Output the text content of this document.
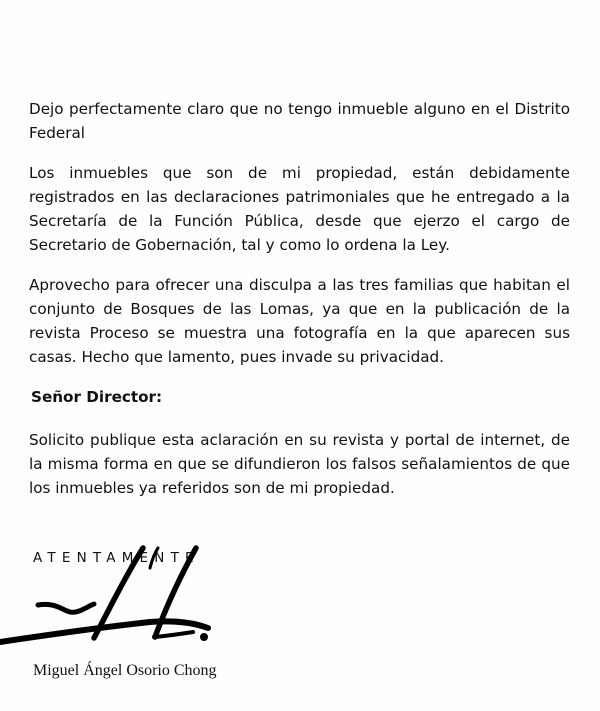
Dejo perfectamente claro que no tengo inmueble alguno en el Distrito Federal

Los inmuebles que son de mi propiedad, están debidamente registrados en las declaraciones patrimoniales que he entregado a la Secretaría de la Función Pública, desde que ejerzo el cargo de Secretario de Gobernación, tal y como lo ordena la Ley.

Aprovecho para ofrecer una disculpa a las tres familias que habitan el conjunto de Bosques de las Lomas, ya que en la publicación de la revista Proceso se muestra una fotografía en la que aparecen sus casas. Hecho que lamento, pues invade su privacidad.

Señor Director:

Solicito publique esta aclaración en su revista y portal de internet, de la misma forma en que se difundieron los falsos señalamientos de que los inmuebles ya referidos son de mi propiedad.

ATENTAMENTE

Miguel Ángel Osorio Chong
